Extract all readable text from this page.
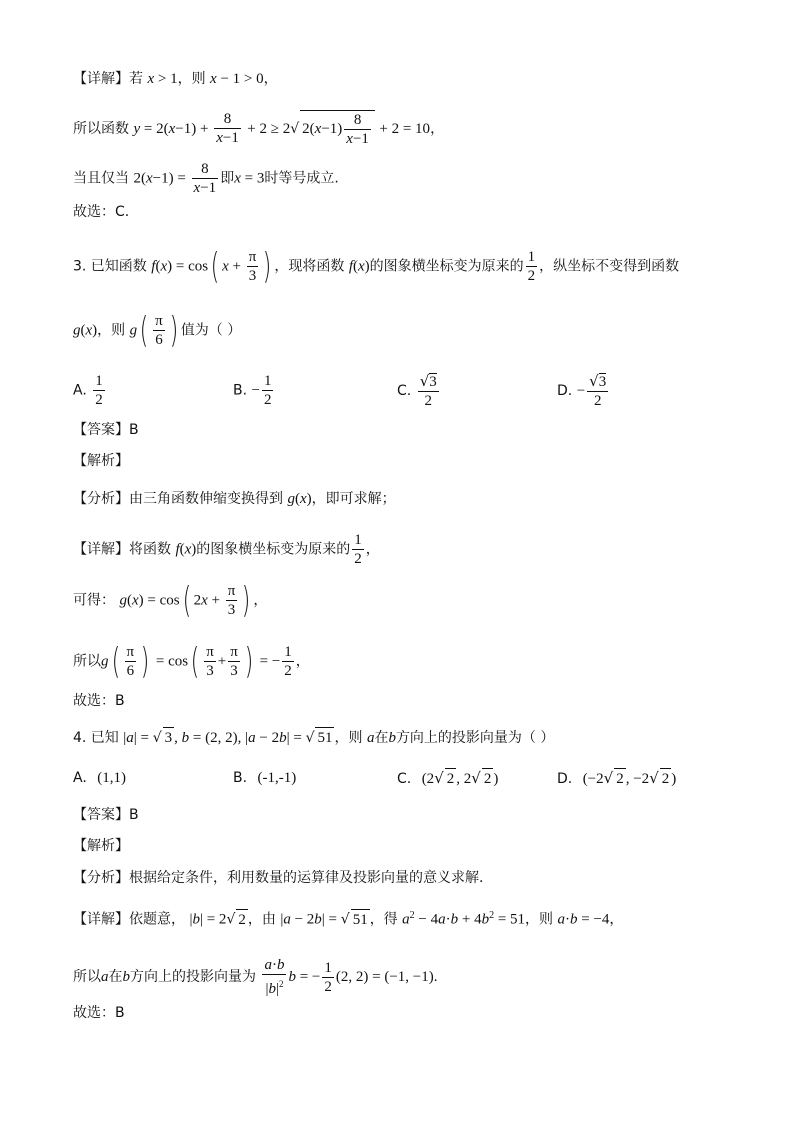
【详解】若 x > 1，则 x − 1 > 0，
所以函数 $y = 2(x-1) + \frac{8}{x-1} + 2 \ge 2√$ $2(x-1) \frac{8}{x-1} + 2 = 10$，
当且仅当 $2(x-1) = \frac{8}{x-1}$ 即x = 3时等号成立.
故选：C.
3. 已知函数 f(x) = cos( $x + \frac{\pi}{3}$ ) ，现将函数 f(x)的图象横坐标变为原来的 $\frac{1}{2}$ ，纵坐标不变得到函数
g(x)，则 $g( \frac{\pi}{6}$ ) 值为（ ）
A. $\frac{1}{2}$	B. − $\frac{1}{2}$	C. $\frac{√3}{2}$	D. − $\frac{√3}{2}$
【答案】B
【解析】
【分析】由三角函数伸缩变换得到 g(x)，即可求解；
【详解】将函数 f(x)的图象横坐标变为原来的 $\frac{1}{2}$ ，
可得： g(x) = cos( $2x + \frac{\pi}{3}$ ) ，
所以$g( \frac{\pi}{6}$ ) = $\cos( \frac{\pi}{3} + \frac{\pi}{3}$ ) = − $\frac{1}{2}$ ，
故选：B
4. 已知 |a| = √ 3 , b = (2, 2), |a − 2b| = √ 51 ，则 a在b方向上的投影向量为（ ）
A. (1,1)	B. (-1,-1)	C. (2√ 2 , 2√ 2 )	D. (−2√ 2 , −2√ 2 )
【答案】B
【解析】
【分析】根据给定条件，利用数量的运算律及投影向量的意义求解.
【详解】依题意， |b| = 2√ 2 ，由 |a − 2b| = √ 51 ，得 $a^2 - 4a\cdot b + 4b^2 = 51$，则 a·b = −4，
所以a在b方向上的投影向量为 $\frac{a\cdot b}{|b|^2}$ b = − $\frac{1}{2} (2$, 2) = (−1, −1).
故选：B
